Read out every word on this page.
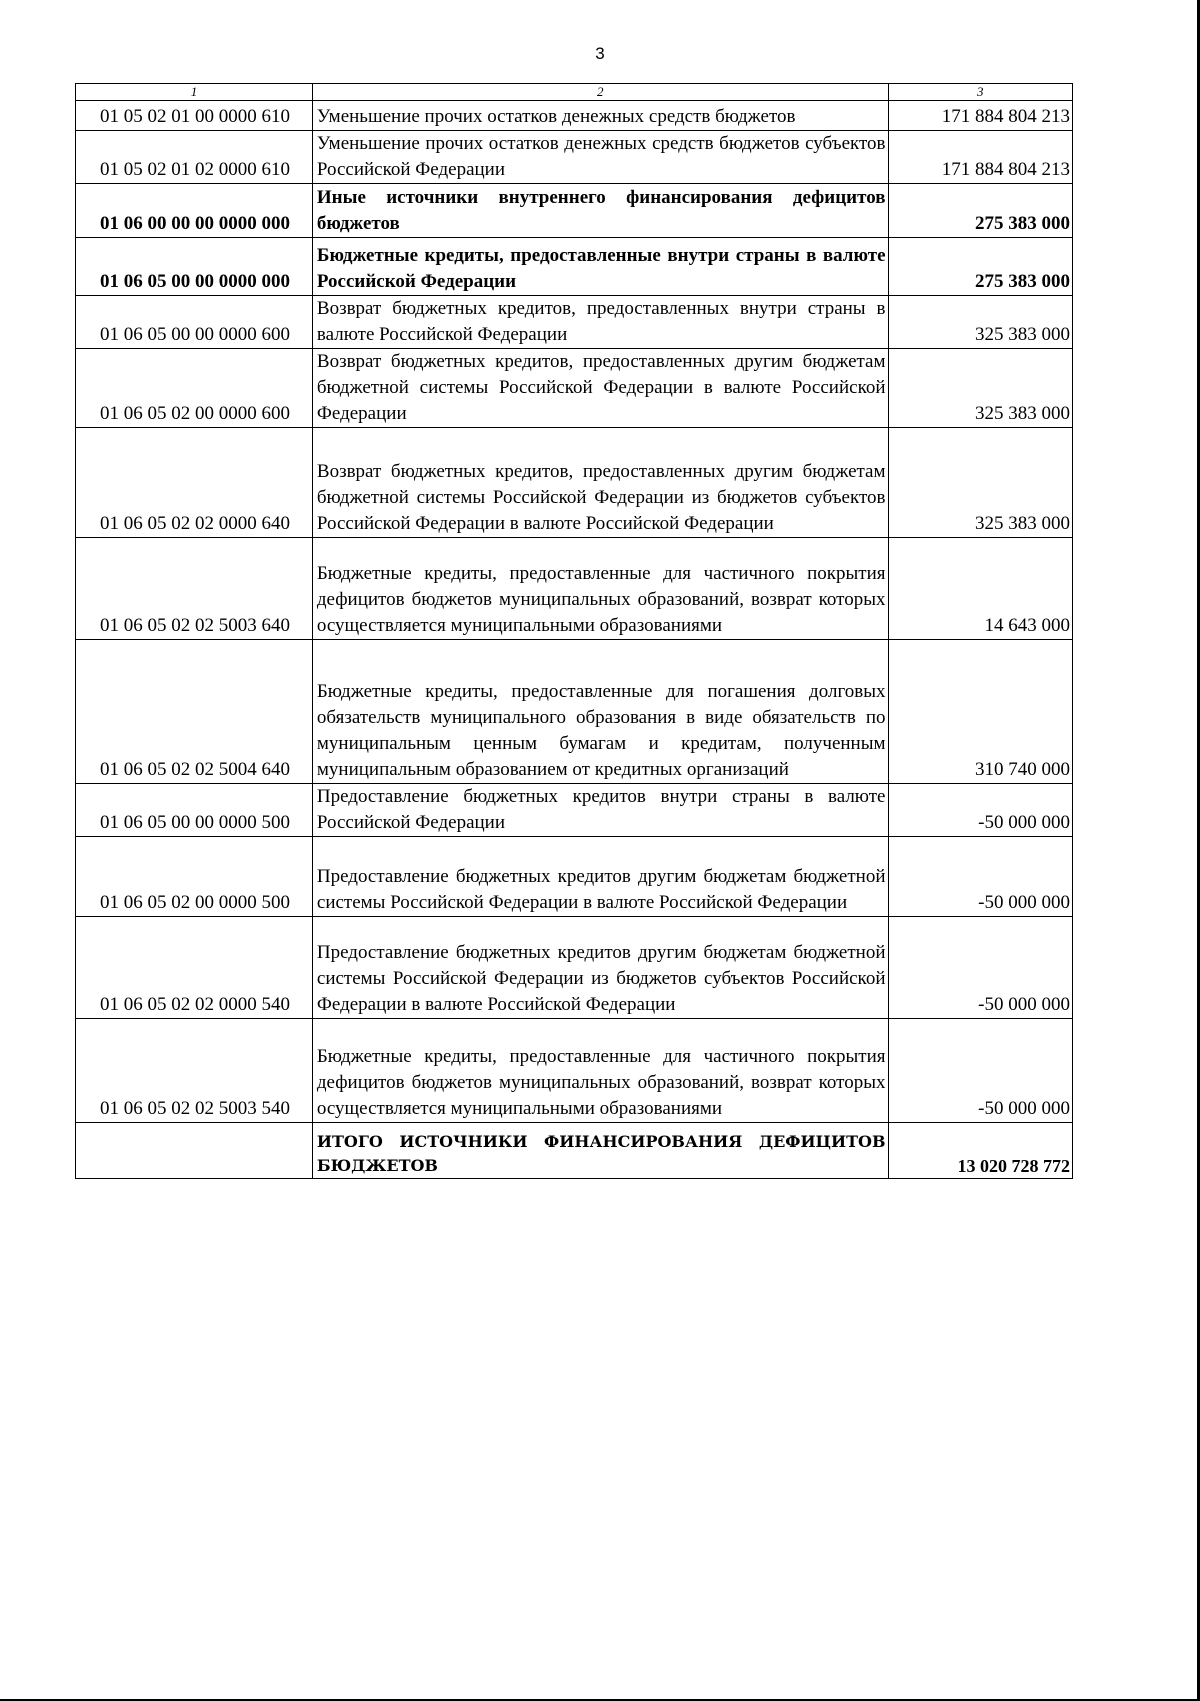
3
1	2	3
01 05 02 01 00 0000 610	Уменьшение прочих остатков денежных средств бюджетов	171 884 804 213
01 05 02 01 02 0000 610	Уменьшение прочих остатков денежных средств бюджетов субъектов Российской Федерации	171 884 804 213
01 06 00 00 00 0000 000	Иные источники внутреннего финансирования дефицитов бюджетов	275 383 000
01 06 05 00 00 0000 000	Бюджетные кредиты, предоставленные внутри страны в валюте Российской Федерации	275 383 000
01 06 05 00 00 0000 600	Возврат бюджетных кредитов, предоставленных внутри страны в валюте Российской Федерации	325 383 000
01 06 05 02 00 0000 600	Возврат бюджетных кредитов, предоставленных другим бюджетам бюджетной системы Российской Федерации в валюте Российской Федерации	325 383 000
01 06 05 02 02 0000 640	Возврат бюджетных кредитов, предоставленных другим бюджетам бюджетной системы Российской Федерации из бюджетов субъектов Российской Федерации в валюте Российской Федерации	325 383 000
01 06 05 02 02 5003 640	Бюджетные кредиты, предоставленные для частичного покрытия дефицитов бюджетов муниципальных образований, возврат которых осуществляется муниципальными образованиями	14 643 000
01 06 05 02 02 5004 640	Бюджетные кредиты, предоставленные для погашения долговых обязательств муниципального образования в виде обязательств по муниципальным ценным бумагам и кредитам, полученным муниципальным образованием от кредитных организаций	310 740 000
01 06 05 00 00 0000 500	Предоставление бюджетных кредитов внутри страны в валюте Российской Федерации	-50 000 000
01 06 05 02 00 0000 500	Предоставление бюджетных кредитов другим бюджетам бюджетной системы Российской Федерации в валюте Российской Федерации	-50 000 000
01 06 05 02 02 0000 540	Предоставление бюджетных кредитов другим бюджетам бюджетной системы Российской Федерации из бюджетов субъектов Российской Федерации в валюте Российской Федерации	-50 000 000
01 06 05 02 02 5003 540	Бюджетные кредиты, предоставленные для частичного покрытия дефицитов бюджетов муниципальных образований, возврат которых осуществляется муниципальными образованиями	-50 000 000
	ИТОГО ИСТОЧНИКИ ФИНАНСИРОВАНИЯ ДЕФИЦИТОВ БЮДЖЕТОВ	13 020 728 772
